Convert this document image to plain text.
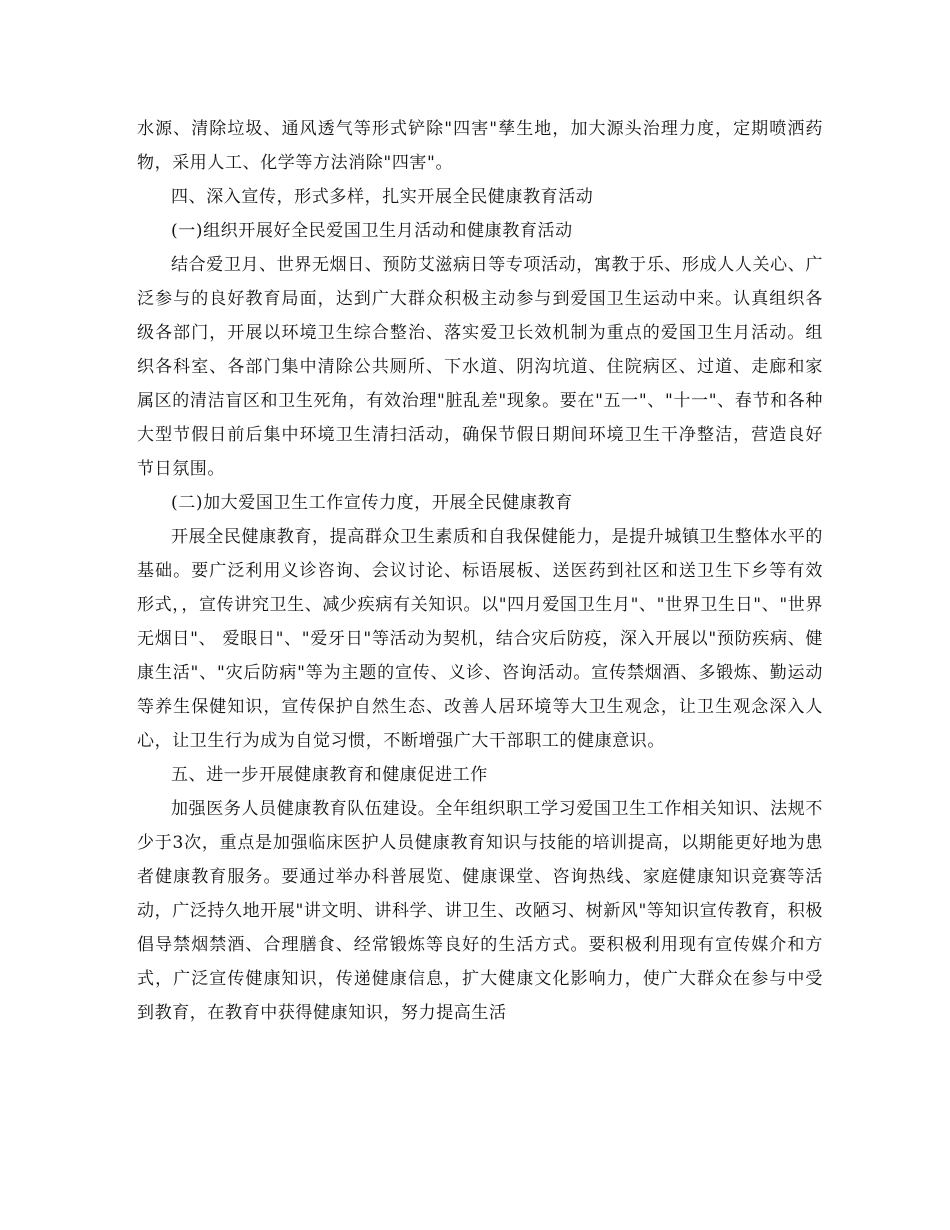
水源、清除垃圾、通风透气等形式铲除"四害"孳生地，加大源头治理力度，定期喷洒药物，采用人工、化学等方法消除"四害"。

四、深入宣传，形式多样，扎实开展全民健康教育活动

(一)组织开展好全民爱国卫生月活动和健康教育活动

结合爱卫月、世界无烟日、预防艾滋病日等专项活动，寓教于乐、形成人人关心、广泛参与的良好教育局面，达到广大群众积极主动参与到爱国卫生运动中来。认真组织各级各部门，开展以环境卫生综合整治、落实爱卫长效机制为重点的爱国卫生月活动。组织各科室、各部门集中清除公共厕所、下水道、阴沟坑道、住院病区、过道、走廊和家属区的清洁盲区和卫生死角，有效治理"脏乱差"现象。要在"五一"、"十一"、春节和各种大型节假日前后集中环境卫生清扫活动，确保节假日期间环境卫生干净整洁，营造良好节日氛围。

(二)加大爱国卫生工作宣传力度，开展全民健康教育

开展全民健康教育，提高群众卫生素质和自我保健能力，是提升城镇卫生整体水平的基础。要广泛利用义诊咨询、会议讨论、标语展板、送医药到社区和送卫生下乡等有效形式，，宣传讲究卫生、减少疾病有关知识。以"四月爱国卫生月"、"世界卫生日"、"世界无烟日"、 爱眼日"、"爱牙日"等活动为契机，结合灾后防疫，深入开展以"预防疾病、健康生活"、"灾后防病"等为主题的宣传、义诊、咨询活动。宣传禁烟酒、多锻炼、勤运动等养生保健知识，宣传保护自然生态、改善人居环境等大卫生观念，让卫生观念深入人心，让卫生行为成为自觉习惯，不断增强广大干部职工的健康意识。

五、进一步开展健康教育和健康促进工作

加强医务人员健康教育队伍建设。全年组织职工学习爱国卫生工作相关知识、法规不少于3次，重点是加强临床医护人员健康教育知识与技能的培训提高，以期能更好地为患者健康教育服务。要通过举办科普展览、健康课堂、咨询热线、家庭健康知识竞赛等活动，广泛持久地开展"讲文明、讲科学、讲卫生、改陋习、树新风"等知识宣传教育，积极倡导禁烟禁酒、合理膳食、经常锻炼等良好的生活方式。要积极利用现有宣传媒介和方式，广泛宣传健康知识，传递健康信息，扩大健康文化影响力，使广大群众在参与中受到教育，在教育中获得健康知识，努力提高生活
